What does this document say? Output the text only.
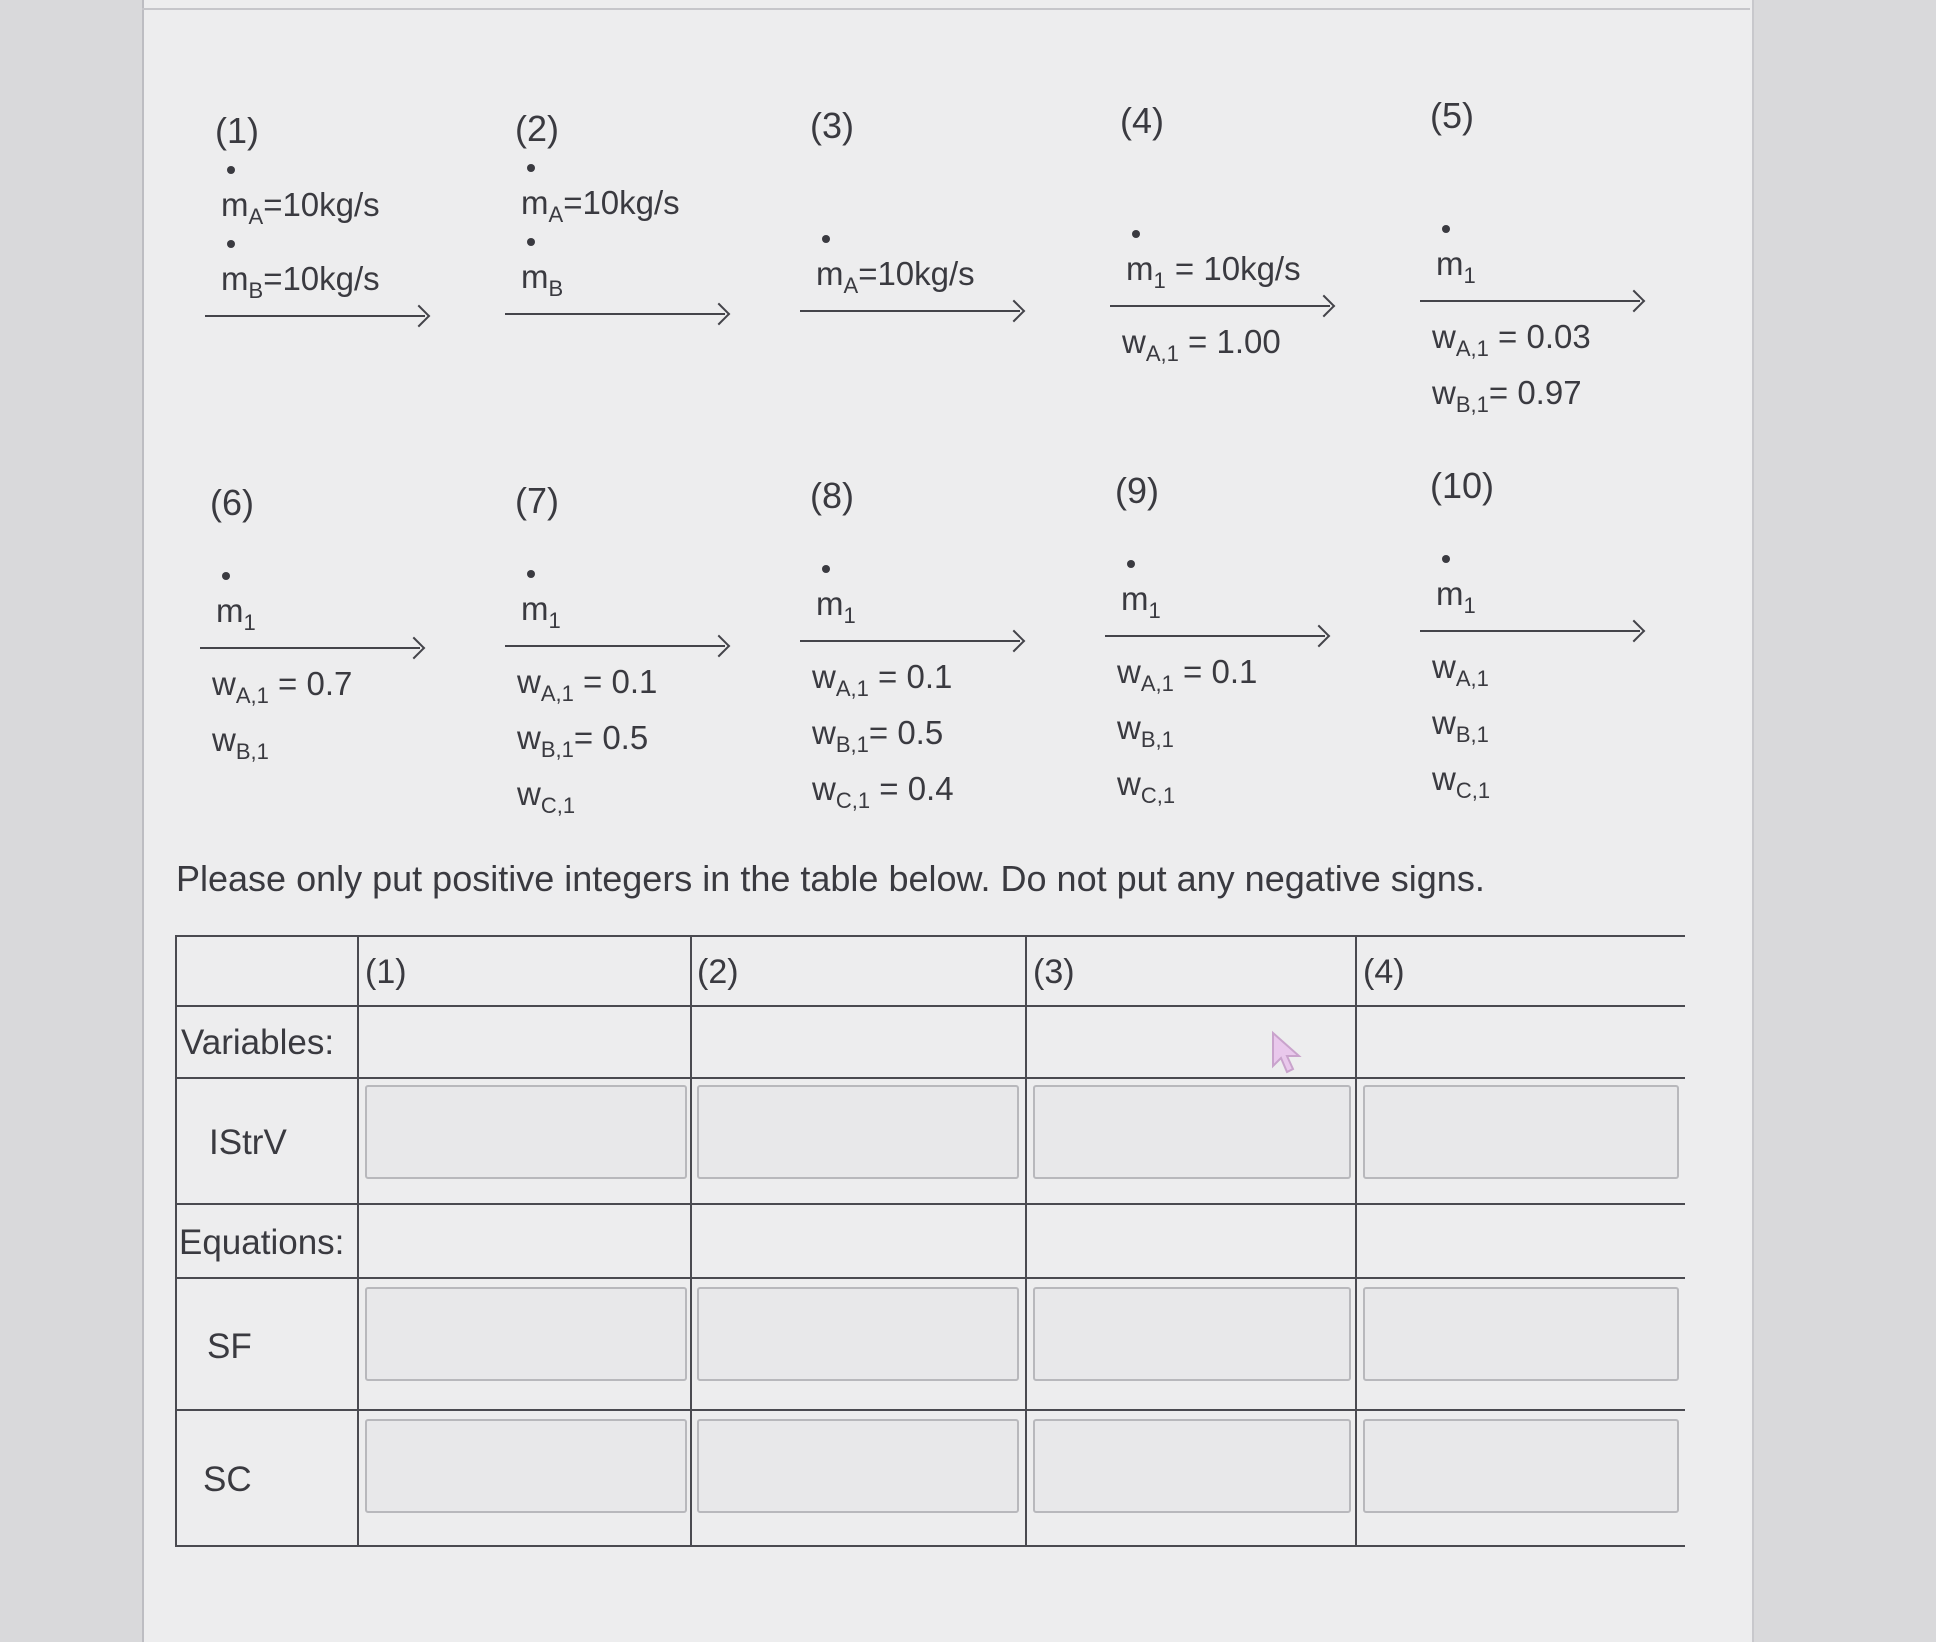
(1)
$m_A=10kg/s$
$m_B=10kg/s$
(2)
$m_A=10kg/s$
$m_B$
(3)
$m_A=10kg/s$
(4)
$m_1 = 10kg/s$
$w_{A,1} = 1.00$
(5)
$m_1$
$w_{A,1} = 0.03$
$w_{B,1}= 0.97$
(6)
$m_1$
$w_{A,1} = 0.7$
$w_{B,1}$
(7)
$m_1$
$w_{A,1} = 0.1$
$w_{B,1}= 0.5$
$w_{C,1}$
(8)
$m_1$
$w_{A,1} = 0.1$
$w_{B,1}= 0.5$
$w_{C,1} = 0.4$
(9)
$m_1$
$w_{A,1} = 0.1$
$w_{B,1}$
$w_{C,1}$
(10)
$m_1$
$w_{A,1}$
$w_{B,1}$
$w_{C,1}$
Please only put positive integers in the table below. Do not put any negative signs.
(1)	(2)	(3)	(4)
Variables:
IStrV
Equations:
SF
SC
